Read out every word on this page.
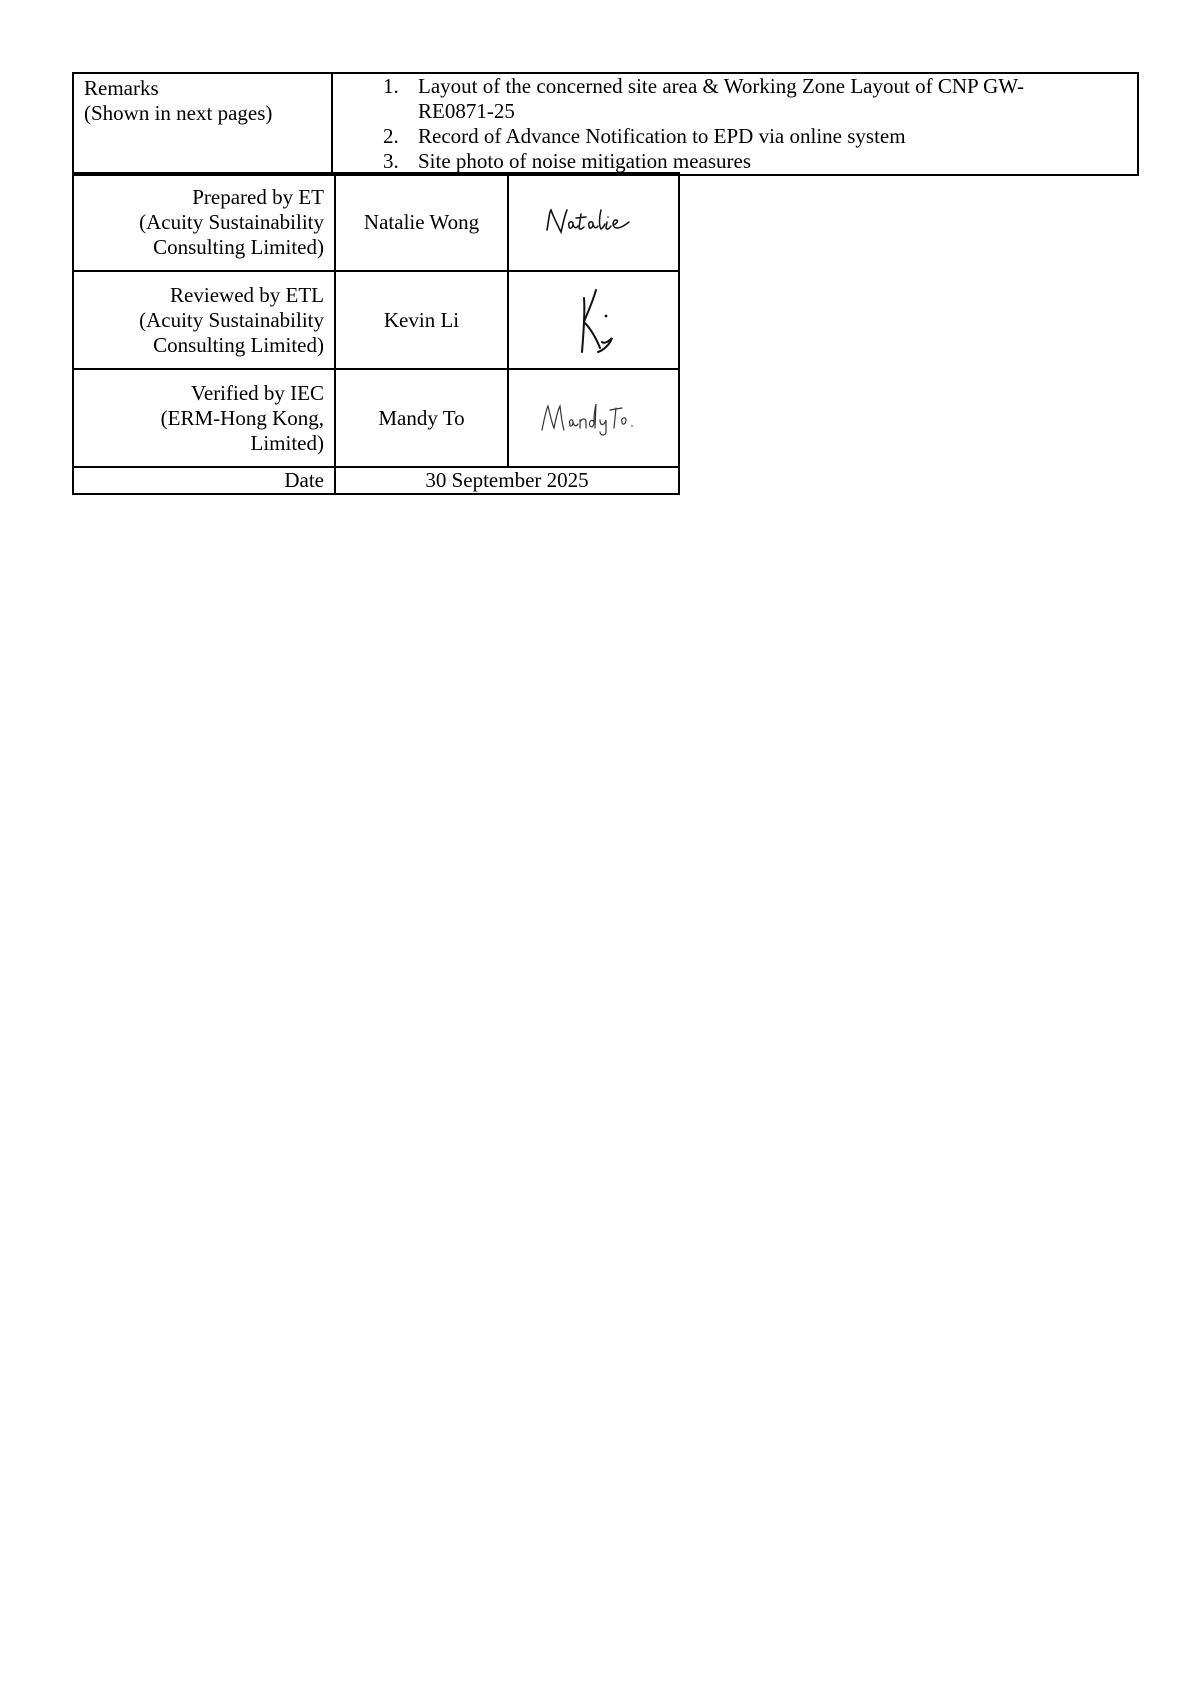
Remarks
(Shown in next pages)

1. Layout of the concerned site area & Working Zone Layout of CNP GW-RE0871-25
2. Record of Advance Notification to EPD via online system
3. Site photo of noise mitigation measures
Prepared by ET
(Acuity Sustainability
Consulting Limited)	Natalie Wong	

Reviewed by ETL
(Acuity Sustainability
Consulting Limited)	Kevin Li	

Verified by IEC
(ERM-Hong Kong,
Limited)	Mandy To	

Date	30 September 2025	
